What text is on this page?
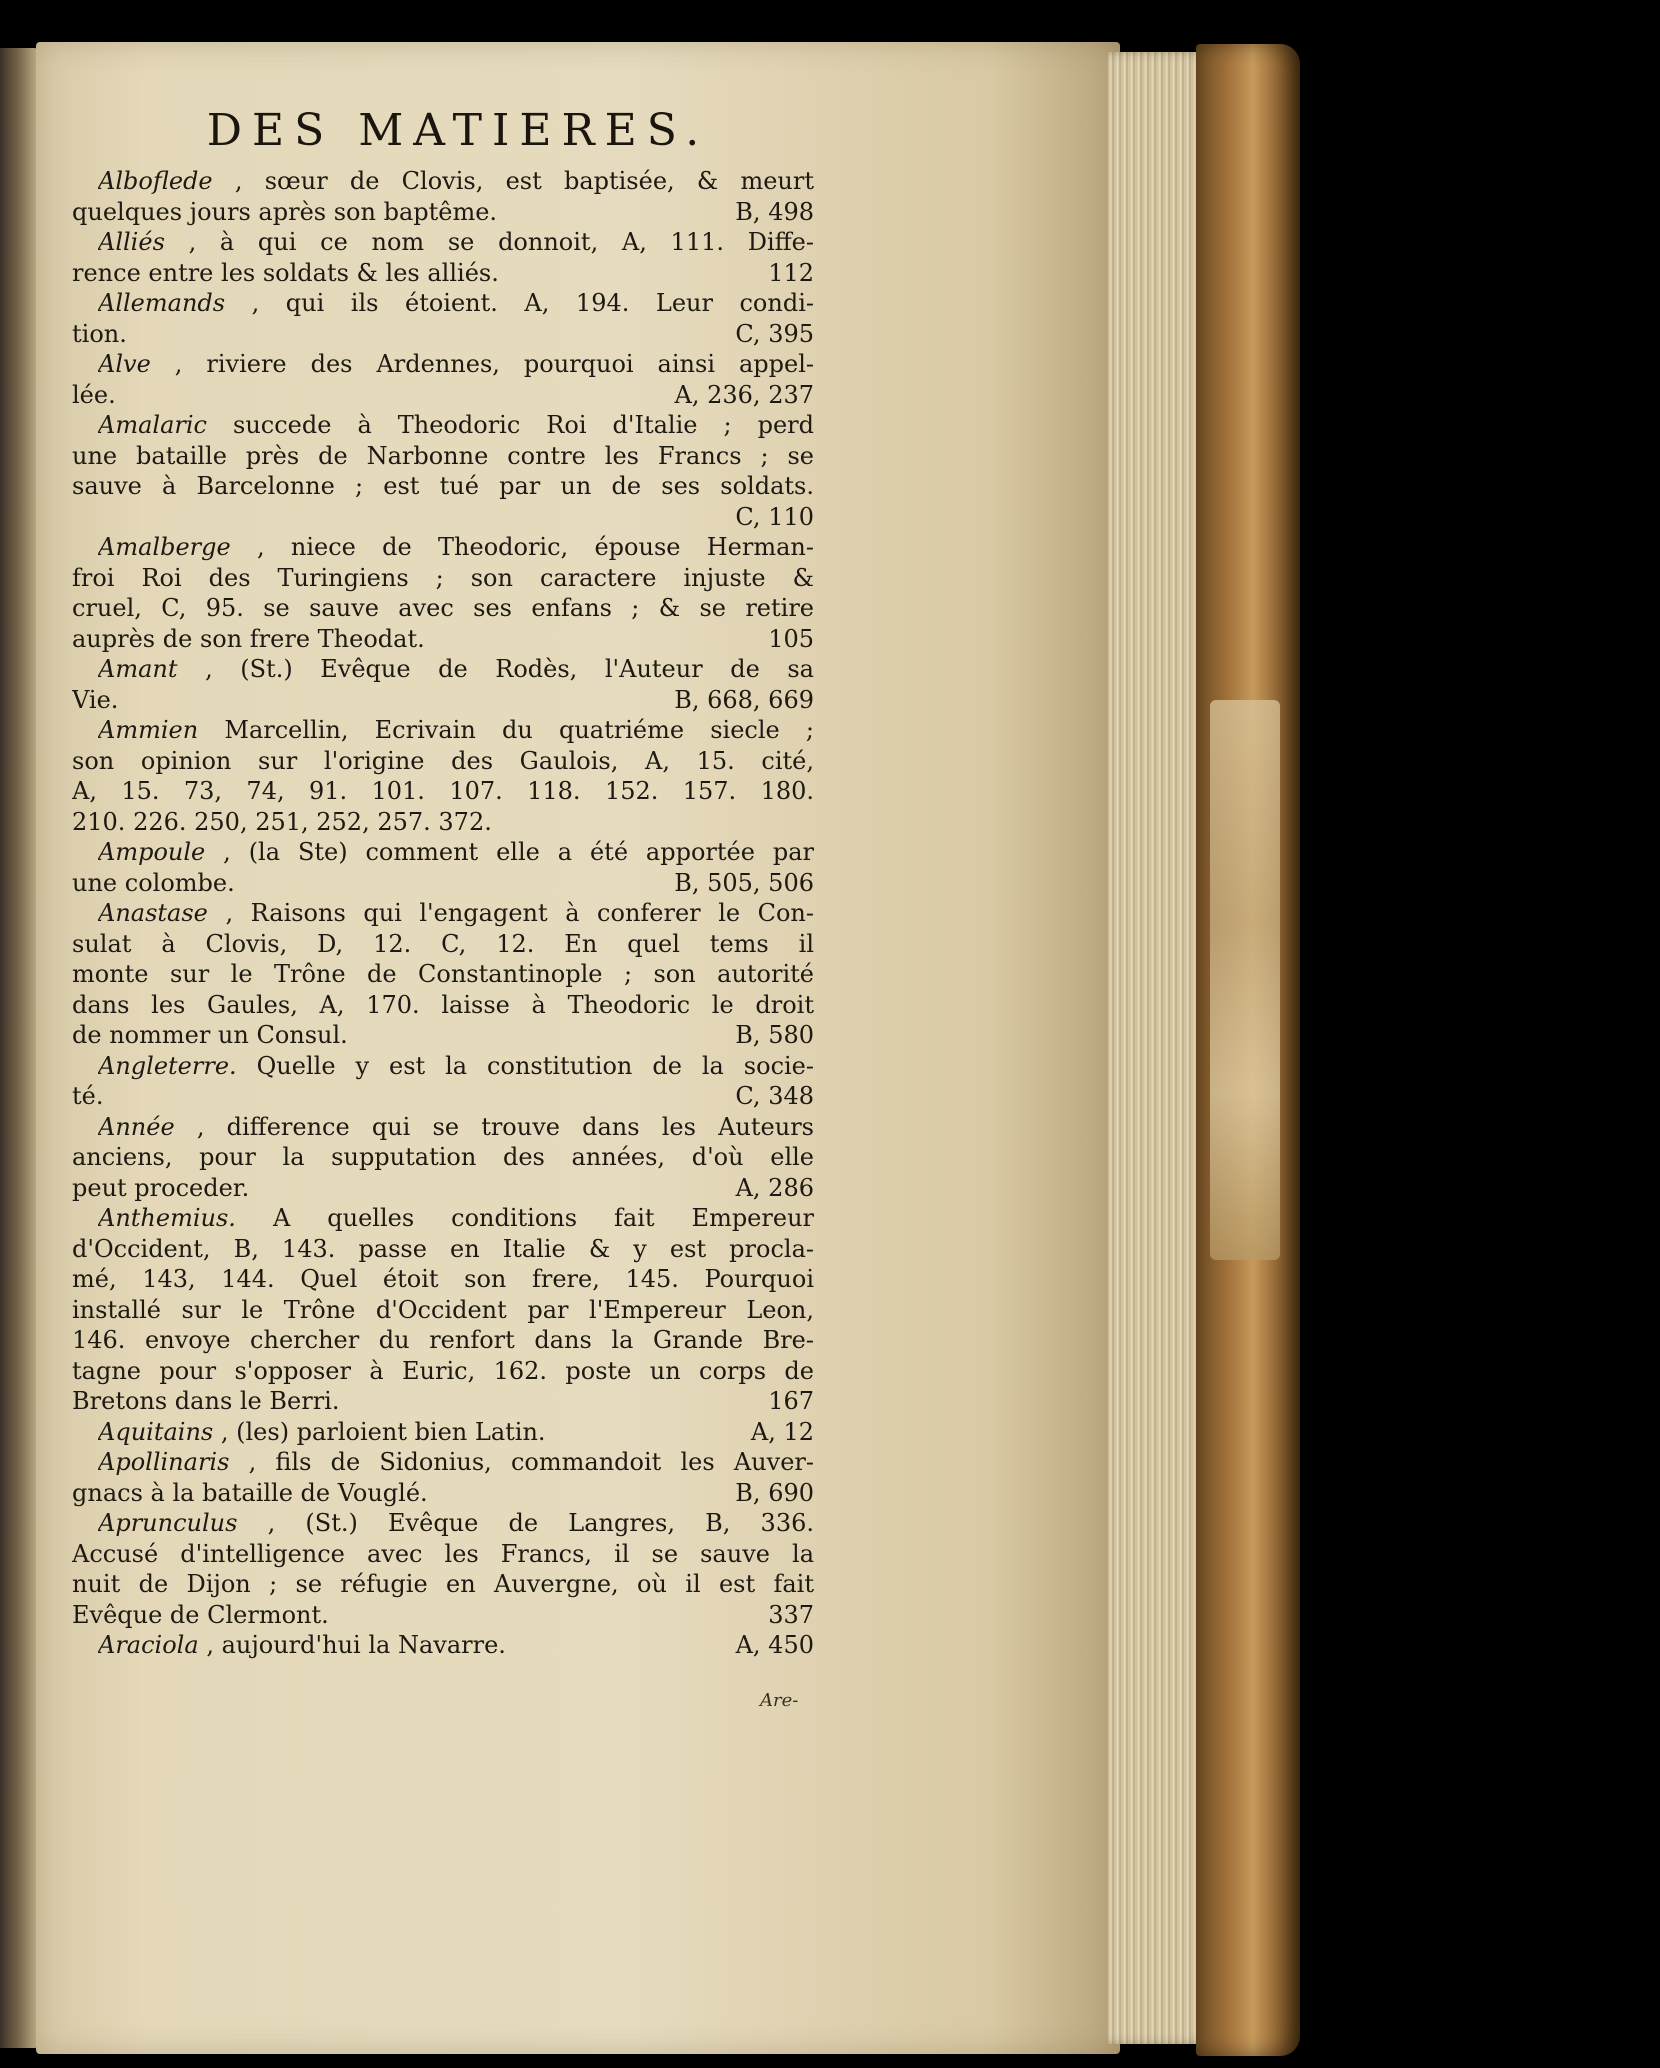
DES MATIERES.
Alboflede , sœur de Clovis, est baptisée, & meurt
quelques jours après son baptême.	B, 498
Alliés , à qui ce nom se donnoit, A, 111. Diffe-
rence entre les soldats & les alliés.	112
Allemands , qui ils étoient. A, 194. Leur condi-
tion.	C, 395
Alve , riviere des Ardennes, pourquoi ainsi appel-
lée.	A, 236, 237
Amalaric succede à Theodoric Roi d'Italie ; perd
une bataille près de Narbonne contre les Francs ; se
sauve à Barcelonne ; est tué par un de ses soldats.
C, 110
Amalberge , niece de Theodoric, épouse Herman-
froi Roi des Turingiens ; son caractere injuste &
cruel, C, 95. se sauve avec ses enfans ; & se retire
auprès de son frere Theodat.	105
Amant , (St.) Evêque de Rodès, l'Auteur de sa
Vie.	B, 668, 669
Ammien Marcellin, Ecrivain du quatriéme siecle ;
son opinion sur l'origine des Gaulois, A, 15. cité,
A, 15. 73, 74, 91. 101. 107. 118. 152. 157. 180.
210. 226. 250, 251, 252, 257. 372.
Ampoule , (la Ste) comment elle a été apportée par
une colombe.	B, 505, 506
Anastase , Raisons qui l'engagent à conferer le Con-
sulat à Clovis, D, 12. C, 12. En quel tems il
monte sur le Trône de Constantinople ; son autorité
dans les Gaules, A, 170. laisse à Theodoric le droit
de nommer un Consul.	B, 580
Angleterre. Quelle y est la constitution de la socie-
té.	C, 348
Année , difference qui se trouve dans les Auteurs
anciens, pour la supputation des années, d'où elle
peut proceder.	A, 286
Anthemius. A quelles conditions fait Empereur
d'Occident, B, 143. passe en Italie & y est procla-
mé, 143, 144. Quel étoit son frere, 145. Pourquoi
installé sur le Trône d'Occident par l'Empereur Leon,
146. envoye chercher du renfort dans la Grande Bre-
tagne pour s'opposer à Euric, 162. poste un corps de
Bretons dans le Berri.	167
Aquitains , (les) parloient bien Latin.	A, 12
Apollinaris , fils de Sidonius, commandoit les Auver-
gnacs à la bataille de Vouglé.	B, 690
Aprunculus , (St.) Evêque de Langres, B, 336.
Accusé d'intelligence avec les Francs, il se sauve la
nuit de Dijon ; se réfugie en Auvergne, où il est fait
Evêque de Clermont.	337
Araciola , aujourd'hui la Navarre.	A, 450
Are-
